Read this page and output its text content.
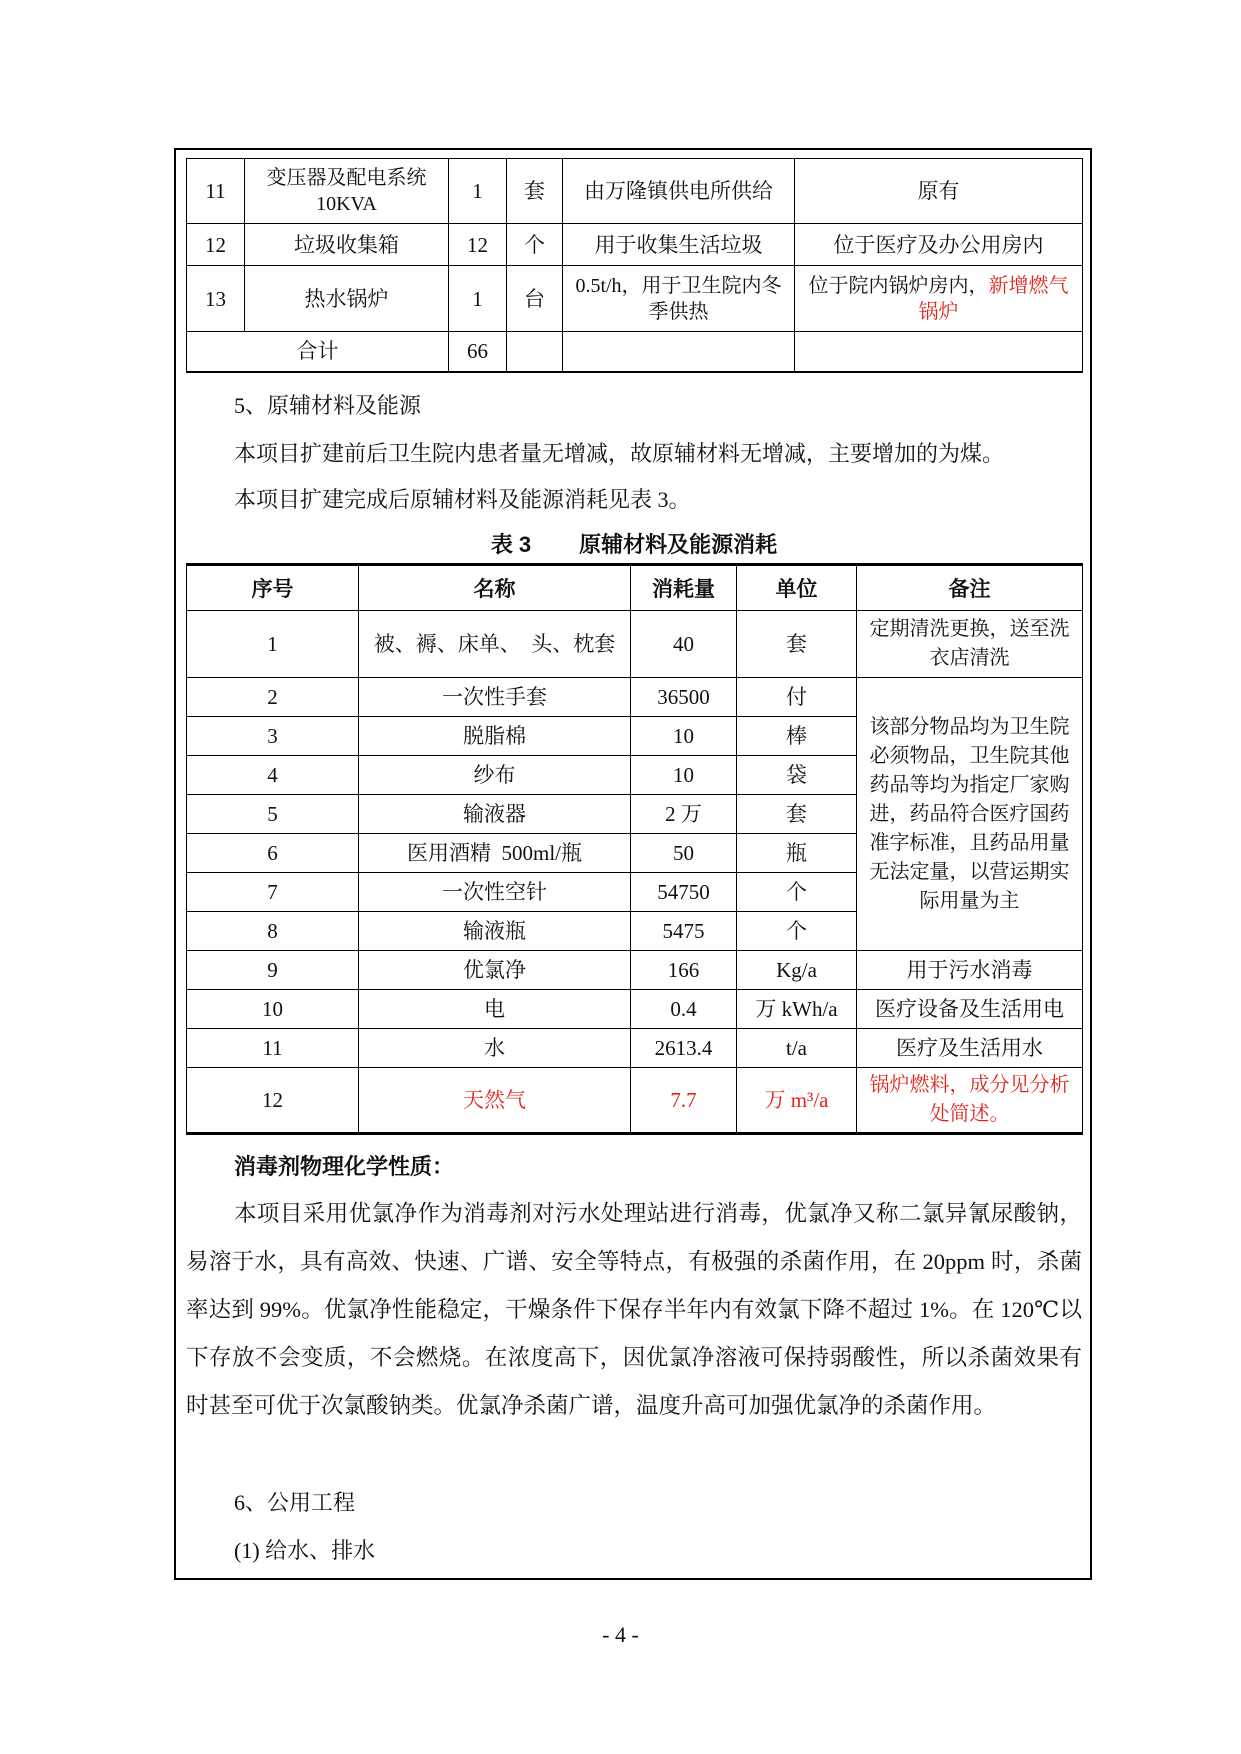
11	变压器及配电系统10KVA	1	套	由万隆镇供电所供给	原有
12	垃圾收集箱	12	个	用于收集生活垃圾	位于医疗及办公用房内
13	热水锅炉	1	台	0.5t/h，用于卫生院内冬季供热	位于院内锅炉房内，新增燃气锅炉
合计		66			
5、原辅材料及能源
本项目扩建前后卫生院内患者量无增减，故原辅材料无增减，主要增加的为煤。
本项目扩建完成后原辅材料及能源消耗见表 3。
表 3 原辅材料及能源消耗
序号	名称	消耗量	单位	备注
1	被、褥、床单、  头、枕套	40	套	定期清洗更换，送至洗衣店清洗
2	一次性手套	36500	付	该部分物品均为卫生院必须物品，卫生院其他药品等均为指定厂家购进，药品符合医疗国药准字标准，且药品用量无法定量，以营运期实际用量为主
3	脱脂棉	10	棒	
4	纱布	10	袋	
5	输液器	2 万	套	
6	医用酒精  500ml/瓶	50	瓶	
7	一次性空针	54750	个	
8	输液瓶	5475	个	
9	优氯净	166	Kg/a	用于污水消毒
10	电	0.4	万 kWh/a	医疗设备及生活用电
11	水	2613.4	t/a	医疗及生活用水
12	天然气	7.7	万 m³/a	锅炉燃料，成分见分析处简述。
消毒剂物理化学性质：
本项目采用优氯净作为消毒剂对污水处理站进行消毒，优氯净又称二氯异氰尿酸钠，易溶于水，具有高效、快速、广谱、安全等特点，有极强的杀菌作用，在 20ppm 时，杀菌率达到 99%。优氯净性能稳定，干燥条件下保存半年内有效氯下降不超过 1%。在 120℃以下存放不会变质，不会燃烧。在浓度高下，因优氯净溶液可保持弱酸性，所以杀菌效果有时甚至可优于次氯酸钠类。优氯净杀菌广谱，温度升高可加强优氯净的杀菌作用。
6、公用工程
(1) 给水、排水
- 4 -
